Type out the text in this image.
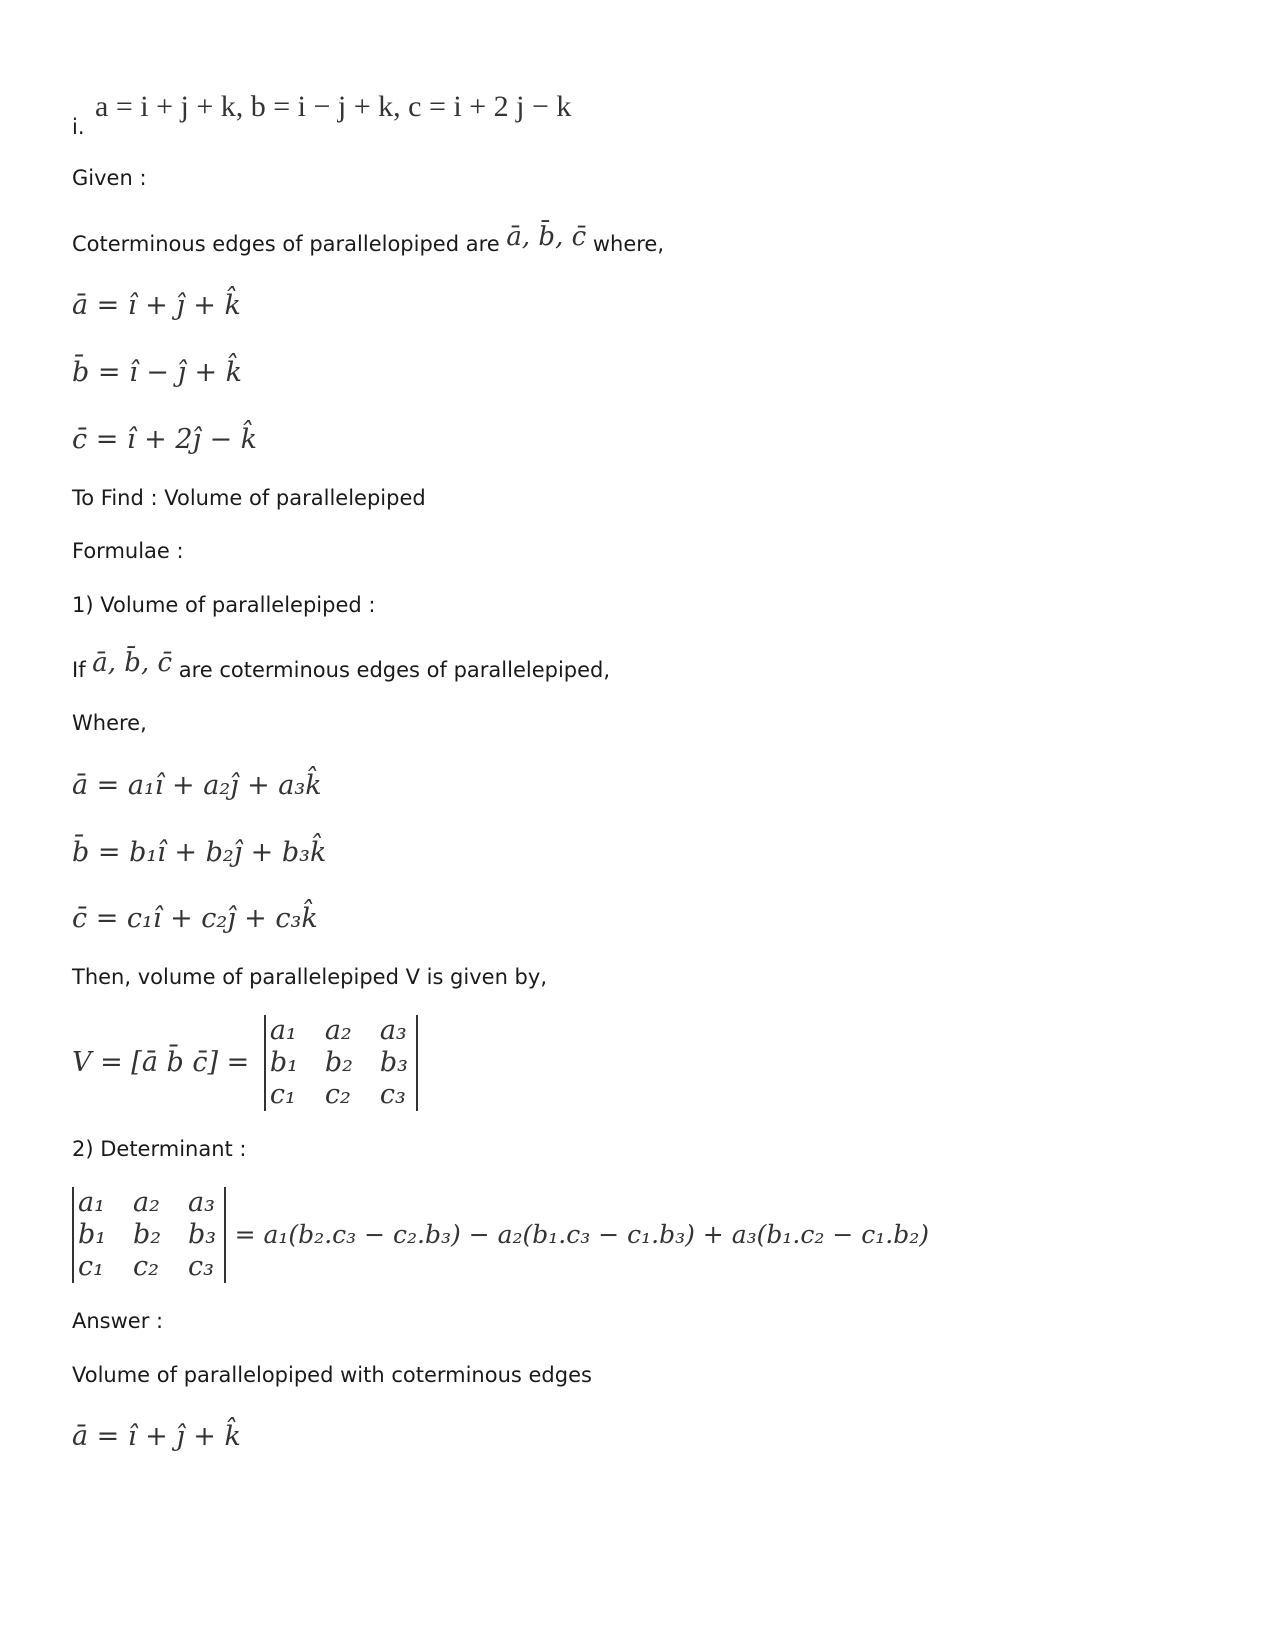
i.
a = i + j + k, b = i − j + k, c = i + 2 j − k
Given :
Coterminous edges of parallelopiped are ā, b̄, c̄ where,
ā = î + ĵ + k̂
b̄ = î − ĵ + k̂
c̄ = î + 2ĵ − k̂
To Find : Volume of parallelepiped
Formulae :
1) Volume of parallelepiped :
If ā, b̄, c̄ are coterminous edges of parallelepiped,
Where,
ā = a₁î + a₂ĵ + a₃k̂
b̄ = b₁î + b₂ĵ + b₃k̂
c̄ = c₁î + c₂ĵ + c₃k̂
Then, volume of parallelepiped V is given by,
V = [ā b̄ c̄] =
a₁	a₂	a₃
b₁ b₂ b₃
c₁	c₂	c₃
2) Determinant :
a₁	a₂	a₃
b₁ b₂ b₃
c₁	c₂	c₃
= a₁(b₂.c₃ − c₂.b₃) − a₂(b₁.c₃ − c₁.b₃) + a₃(b₁.c₂ − c₁.b₂)
Answer :
Volume of parallelopiped with coterminous edges
ā = î + ĵ + k̂
